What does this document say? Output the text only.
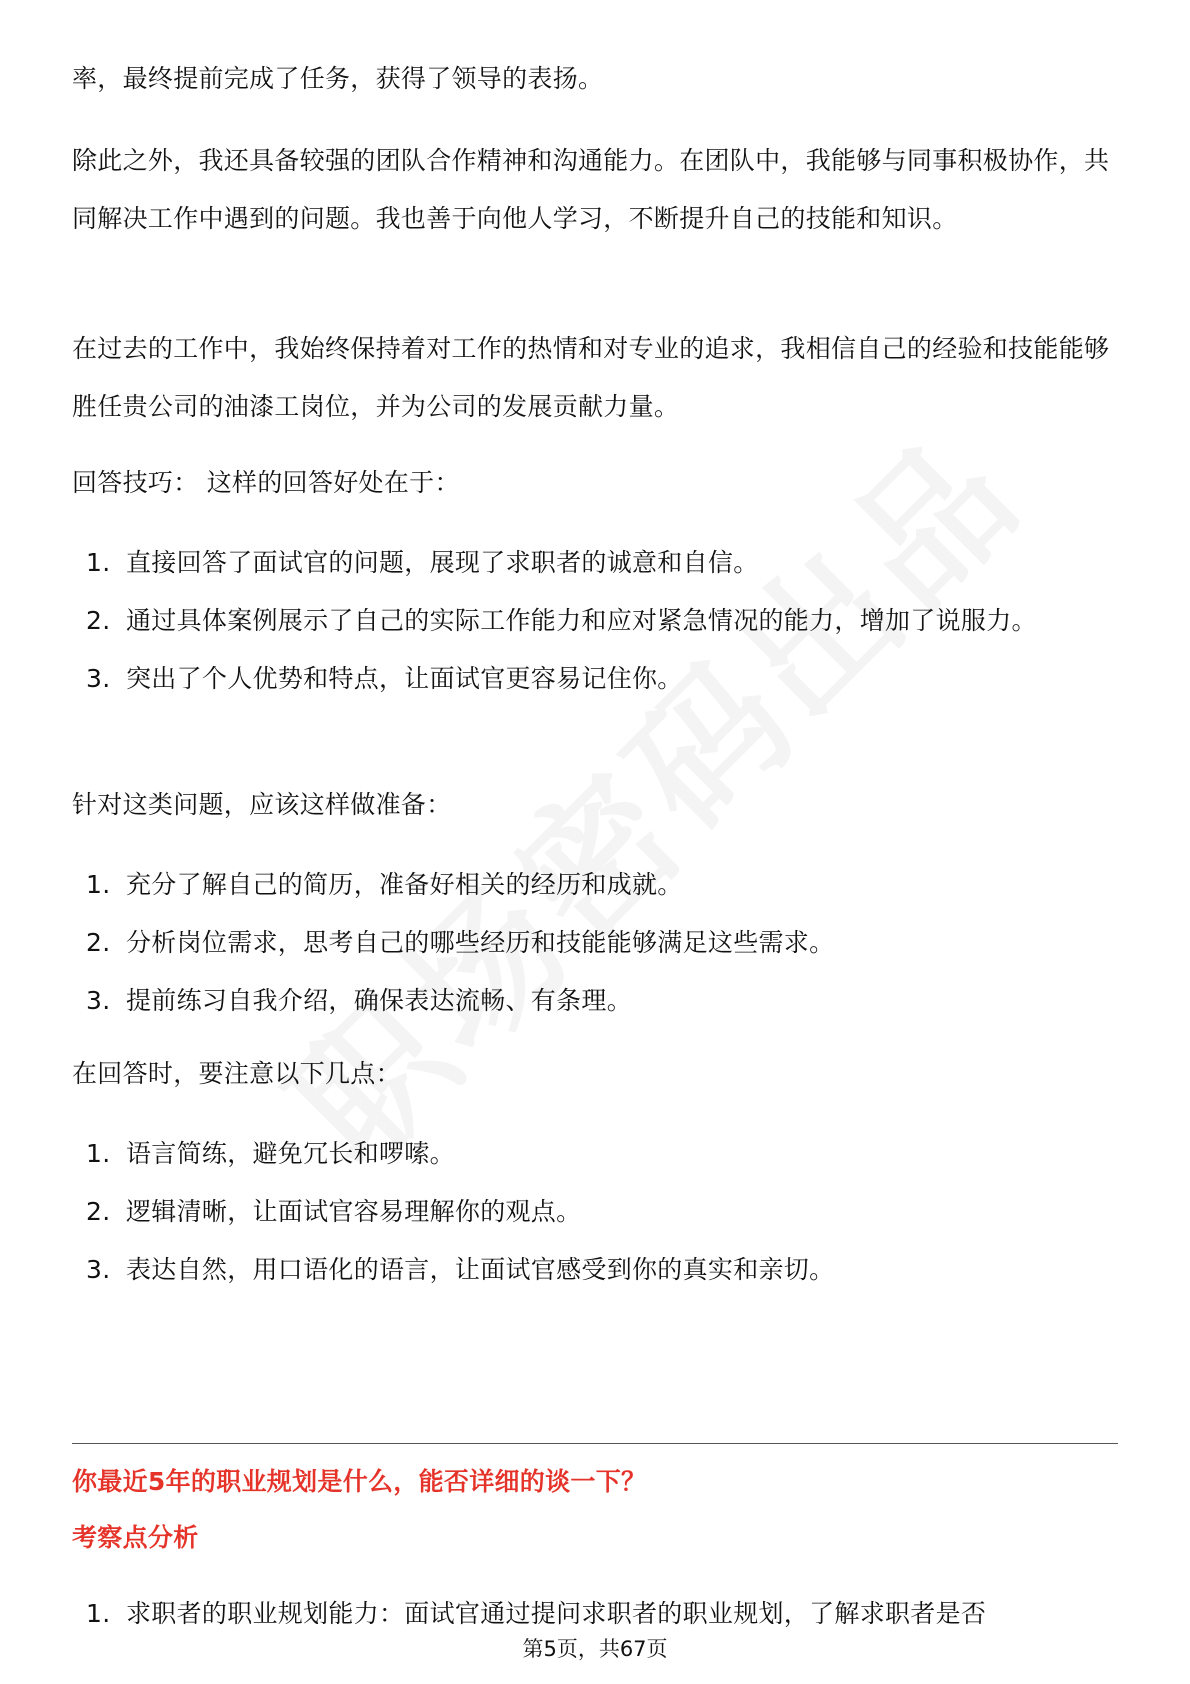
率，最终提前完成了任务，获得了领导的表扬。

除此之外，我还具备较强的团队合作精神和沟通能力。在团队中，我能够与同事积极协作，共同解决工作中遇到的问题。我也善于向他人学习，不断提升自己的技能和知识。

在过去的工作中，我始终保持着对工作的热情和对专业的追求，我相信自己的经验和技能能够胜任贵公司的油漆工岗位，并为公司的发展贡献力量。

回答技巧： 这样的回答好处在于：

1. 直接回答了面试官的问题，展现了求职者的诚意和自信。
2. 通过具体案例展示了自己的实际工作能力和应对紧急情况的能力，增加了说服力。
3. 突出了个人优势和特点，让面试官更容易记住你。

针对这类问题，应该这样做准备：

1. 充分了解自己的简历，准备好相关的经历和成就。
2. 分析岗位需求，思考自己的哪些经历和技能能够满足这些需求。
3. 提前练习自我介绍，确保表达流畅、有条理。

在回答时，要注意以下几点：

1. 语言简练，避免冗长和啰嗦。
2. 逻辑清晰，让面试官容易理解你的观点。
3. 表达自然，用口语化的语言，让面试官感受到你的真实和亲切。
你最近5年的职业规划是什么，能否详细的谈一下？
考察点分析
1. 求职者的职业规划能力：面试官通过提问求职者的职业规划，了解求职者是否
第5页，共67页
